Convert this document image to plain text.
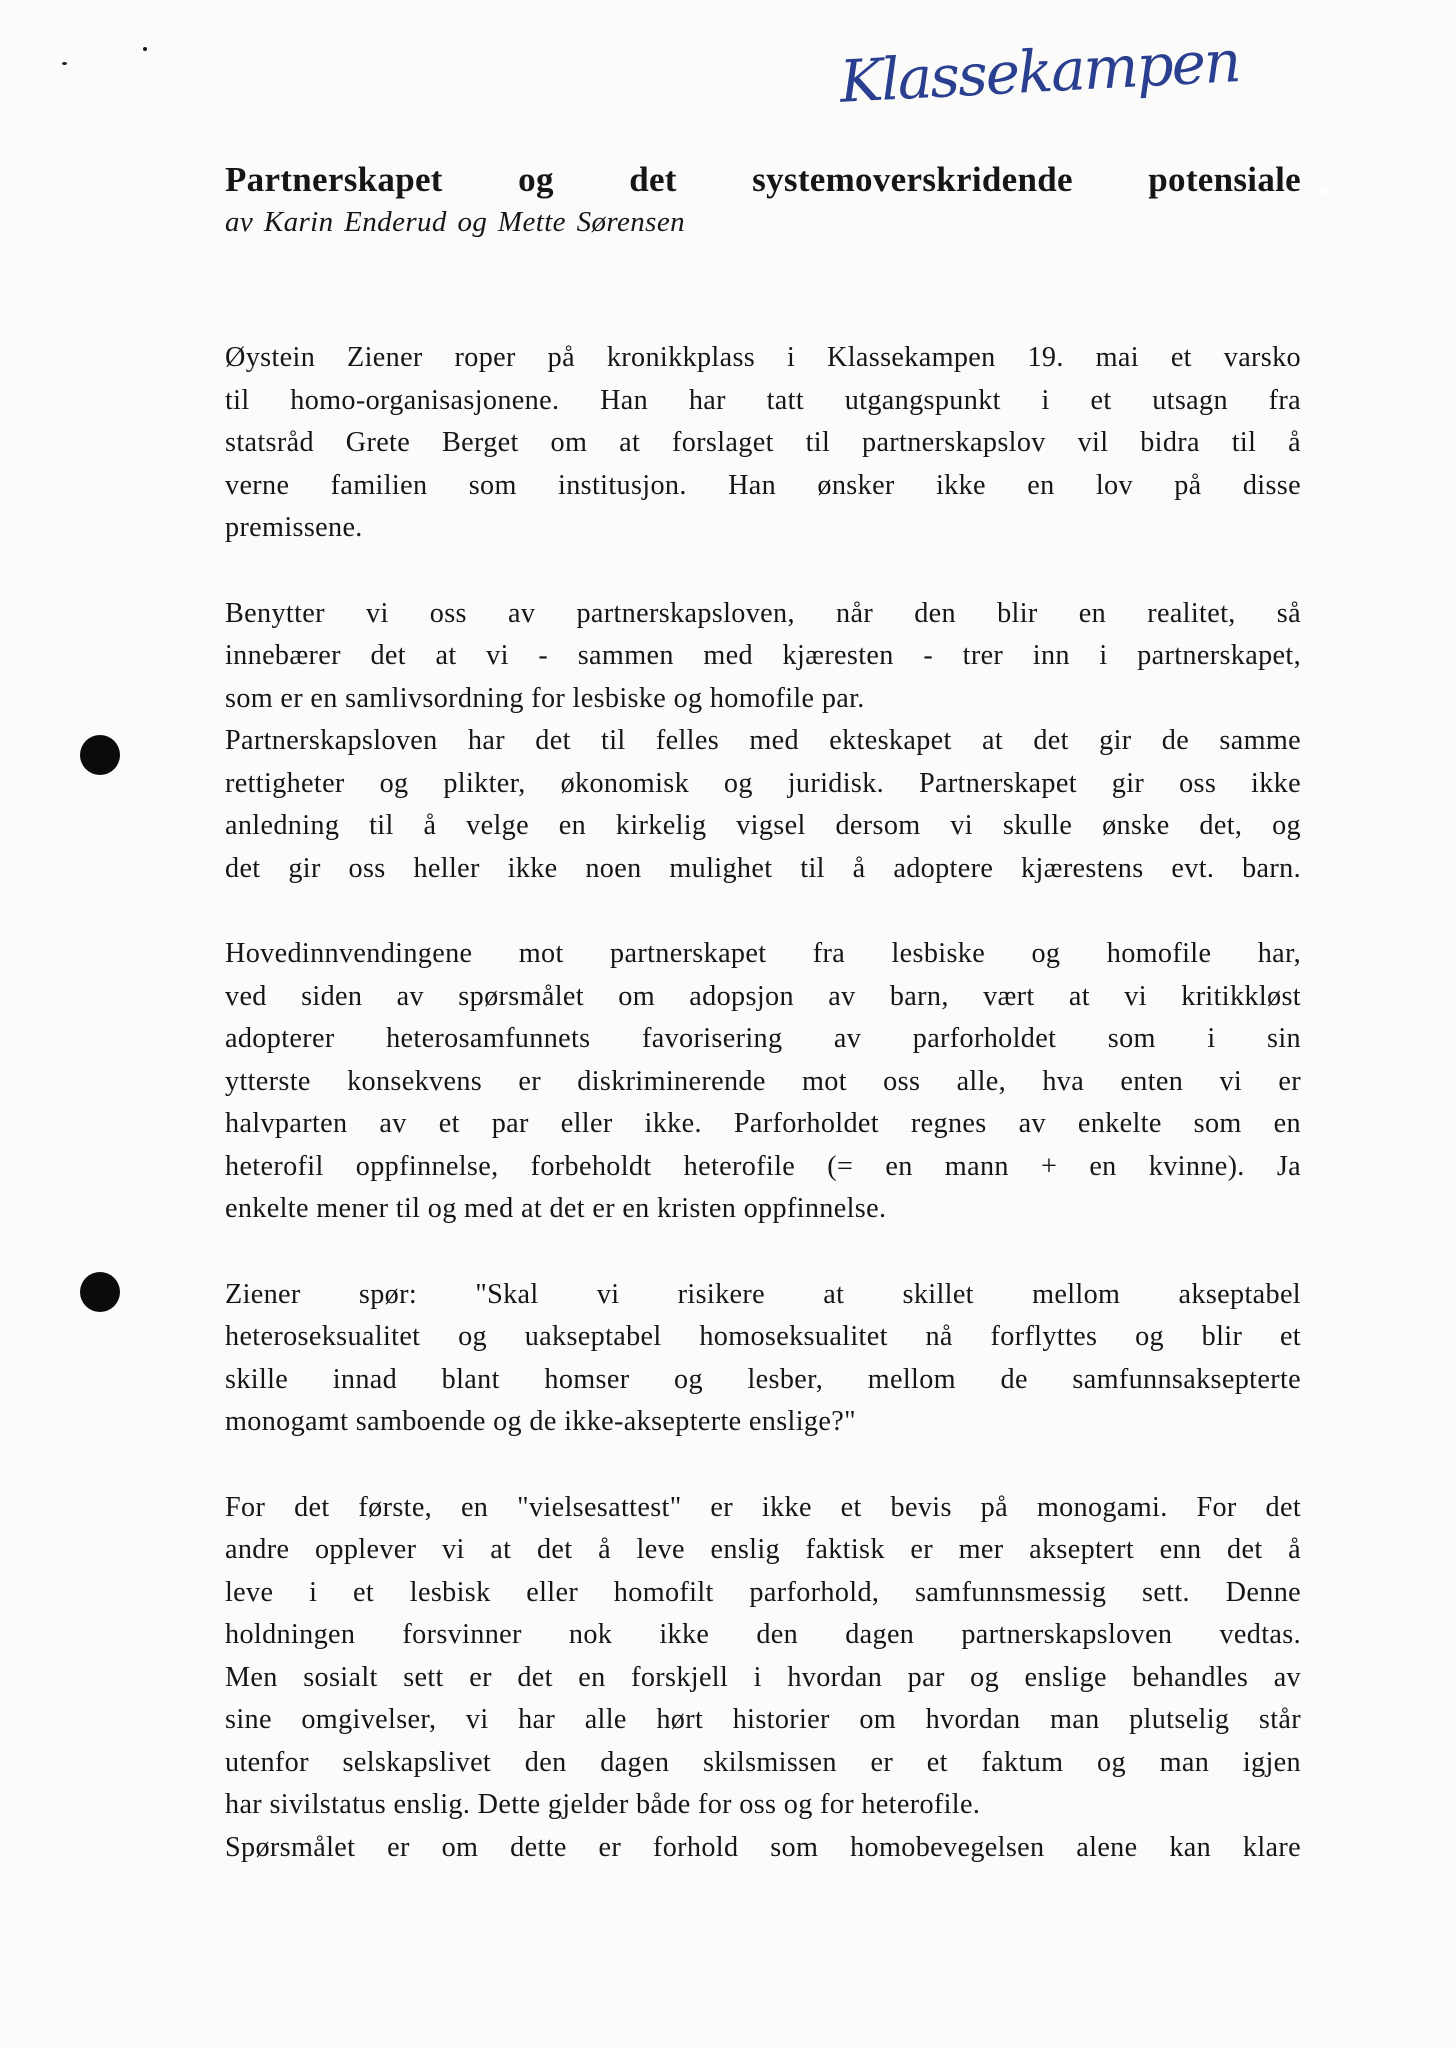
Klassekampen
Partnerskapet og det systemoverskridende potensiale

av Karin Enderud og Mette Sørensen

Øystein Ziener roper på kronikkplass i Klassekampen 19. mai et varsko
til homo-organisasjonene. Han har tatt utgangspunkt i et utsagn fra
statsråd Grete Berget om at forslaget til partnerskapslov vil bidra til å
verne familien som institusjon. Han ønsker ikke en lov på disse
premissene.

Benytter vi oss av partnerskapsloven, når den blir en realitet, så
innebærer det at vi - sammen med kjæresten - trer inn i partnerskapet,
som er en samlivsordning for lesbiske og homofile par.
Partnerskapsloven har det til felles med ekteskapet at det gir de samme
rettigheter og plikter, økonomisk og juridisk. Partnerskapet gir oss ikke
anledning til å velge en kirkelig vigsel dersom vi skulle ønske det, og
det gir oss heller ikke noen mulighet til å adoptere kjærestens evt. barn.

Hovedinnvendingene mot partnerskapet fra lesbiske og homofile har,
ved siden av spørsmålet om adopsjon av barn, vært at vi kritikkløst
adopterer heterosamfunnets favorisering av parforholdet som i sin
ytterste konsekvens er diskriminerende mot oss alle, hva enten vi er
halvparten av et par eller ikke. Parforholdet regnes av enkelte som en
heterofil oppfinnelse, forbeholdt heterofile (= en mann + en kvinne). Ja
enkelte mener til og med at det er en kristen oppfinnelse.

Ziener spør: "Skal vi risikere at skillet mellom akseptabel
heteroseksualitet og uakseptabel homoseksualitet nå forflyttes og blir et
skille innad blant homser og lesber, mellom de samfunnsaksepterte
monogamt samboende og de ikke-aksepterte enslige?"

For det første, en "vielsesattest" er ikke et bevis på monogami. For det
andre opplever vi at det å leve enslig faktisk er mer akseptert enn det å
leve i et lesbisk eller homofilt parforhold, samfunnsmessig sett. Denne
holdningen forsvinner nok ikke den dagen partnerskapsloven vedtas.
Men sosialt sett er det en forskjell i hvordan par og enslige behandles av
sine omgivelser, vi har alle hørt historier om hvordan man plutselig står
utenfor selskapslivet den dagen skilsmissen er et faktum og man igjen
har sivilstatus enslig. Dette gjelder både for oss og for heterofile.
Spørsmålet er om dette er forhold som homobevegelsen alene kan klare
